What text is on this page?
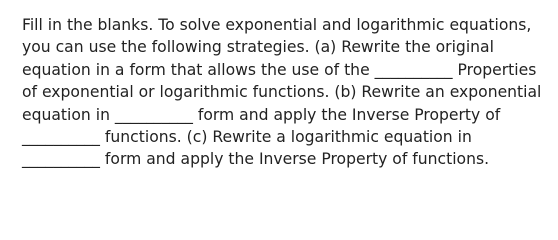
Fill in the blanks. To solve exponential and logarithmic equations, you can use the following strategies. (a) Rewrite the original equation in a form that allows the use of the __________ Properties of exponential or logarithmic functions. (b) Rewrite an exponential equation in __________ form and apply the Inverse Property of __________ functions. (c) Rewrite a logarithmic equation in __________ form and apply the Inverse Property of functions.
